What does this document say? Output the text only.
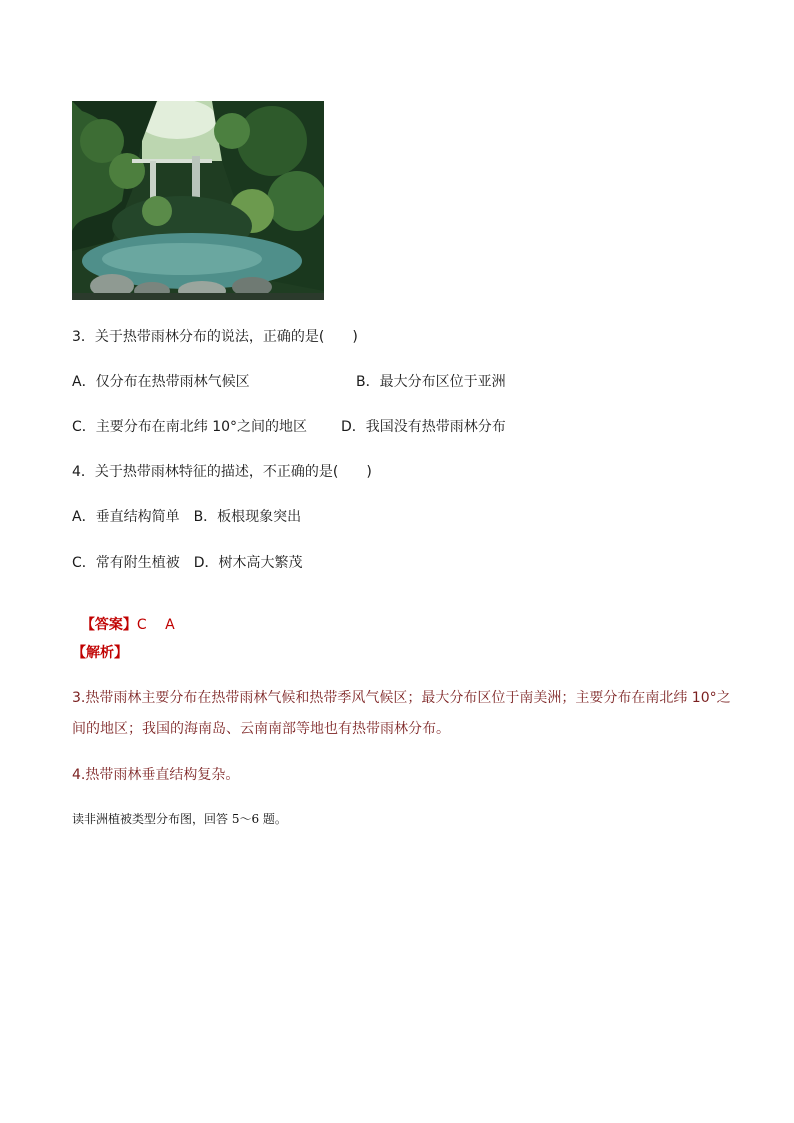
3．关于热带雨林分布的说法，正确的是(　　)
A．仅分布在热带雨林气候区	B．最大分布区位于亚洲
C．主要分布在南北纬 10°之间的地区 D．我国没有热带雨林分布
4．关于热带雨林特征的描述，不正确的是(　　)
A．垂直结构简单　B．板根现象突出
C．常有附生植被　D．树木高大繁茂

【答案】C　 A

【解析】
3.热带雨林主要分布在热带雨林气候和热带季风气候区；最大分布区位于南美洲；主要分布在南北纬 10°之
间的地区；我国的海南岛、云南南部等地也有热带雨林分布。
4.热带雨林垂直结构复杂。
读非洲植被类型分布图，回答 5～6 题。
